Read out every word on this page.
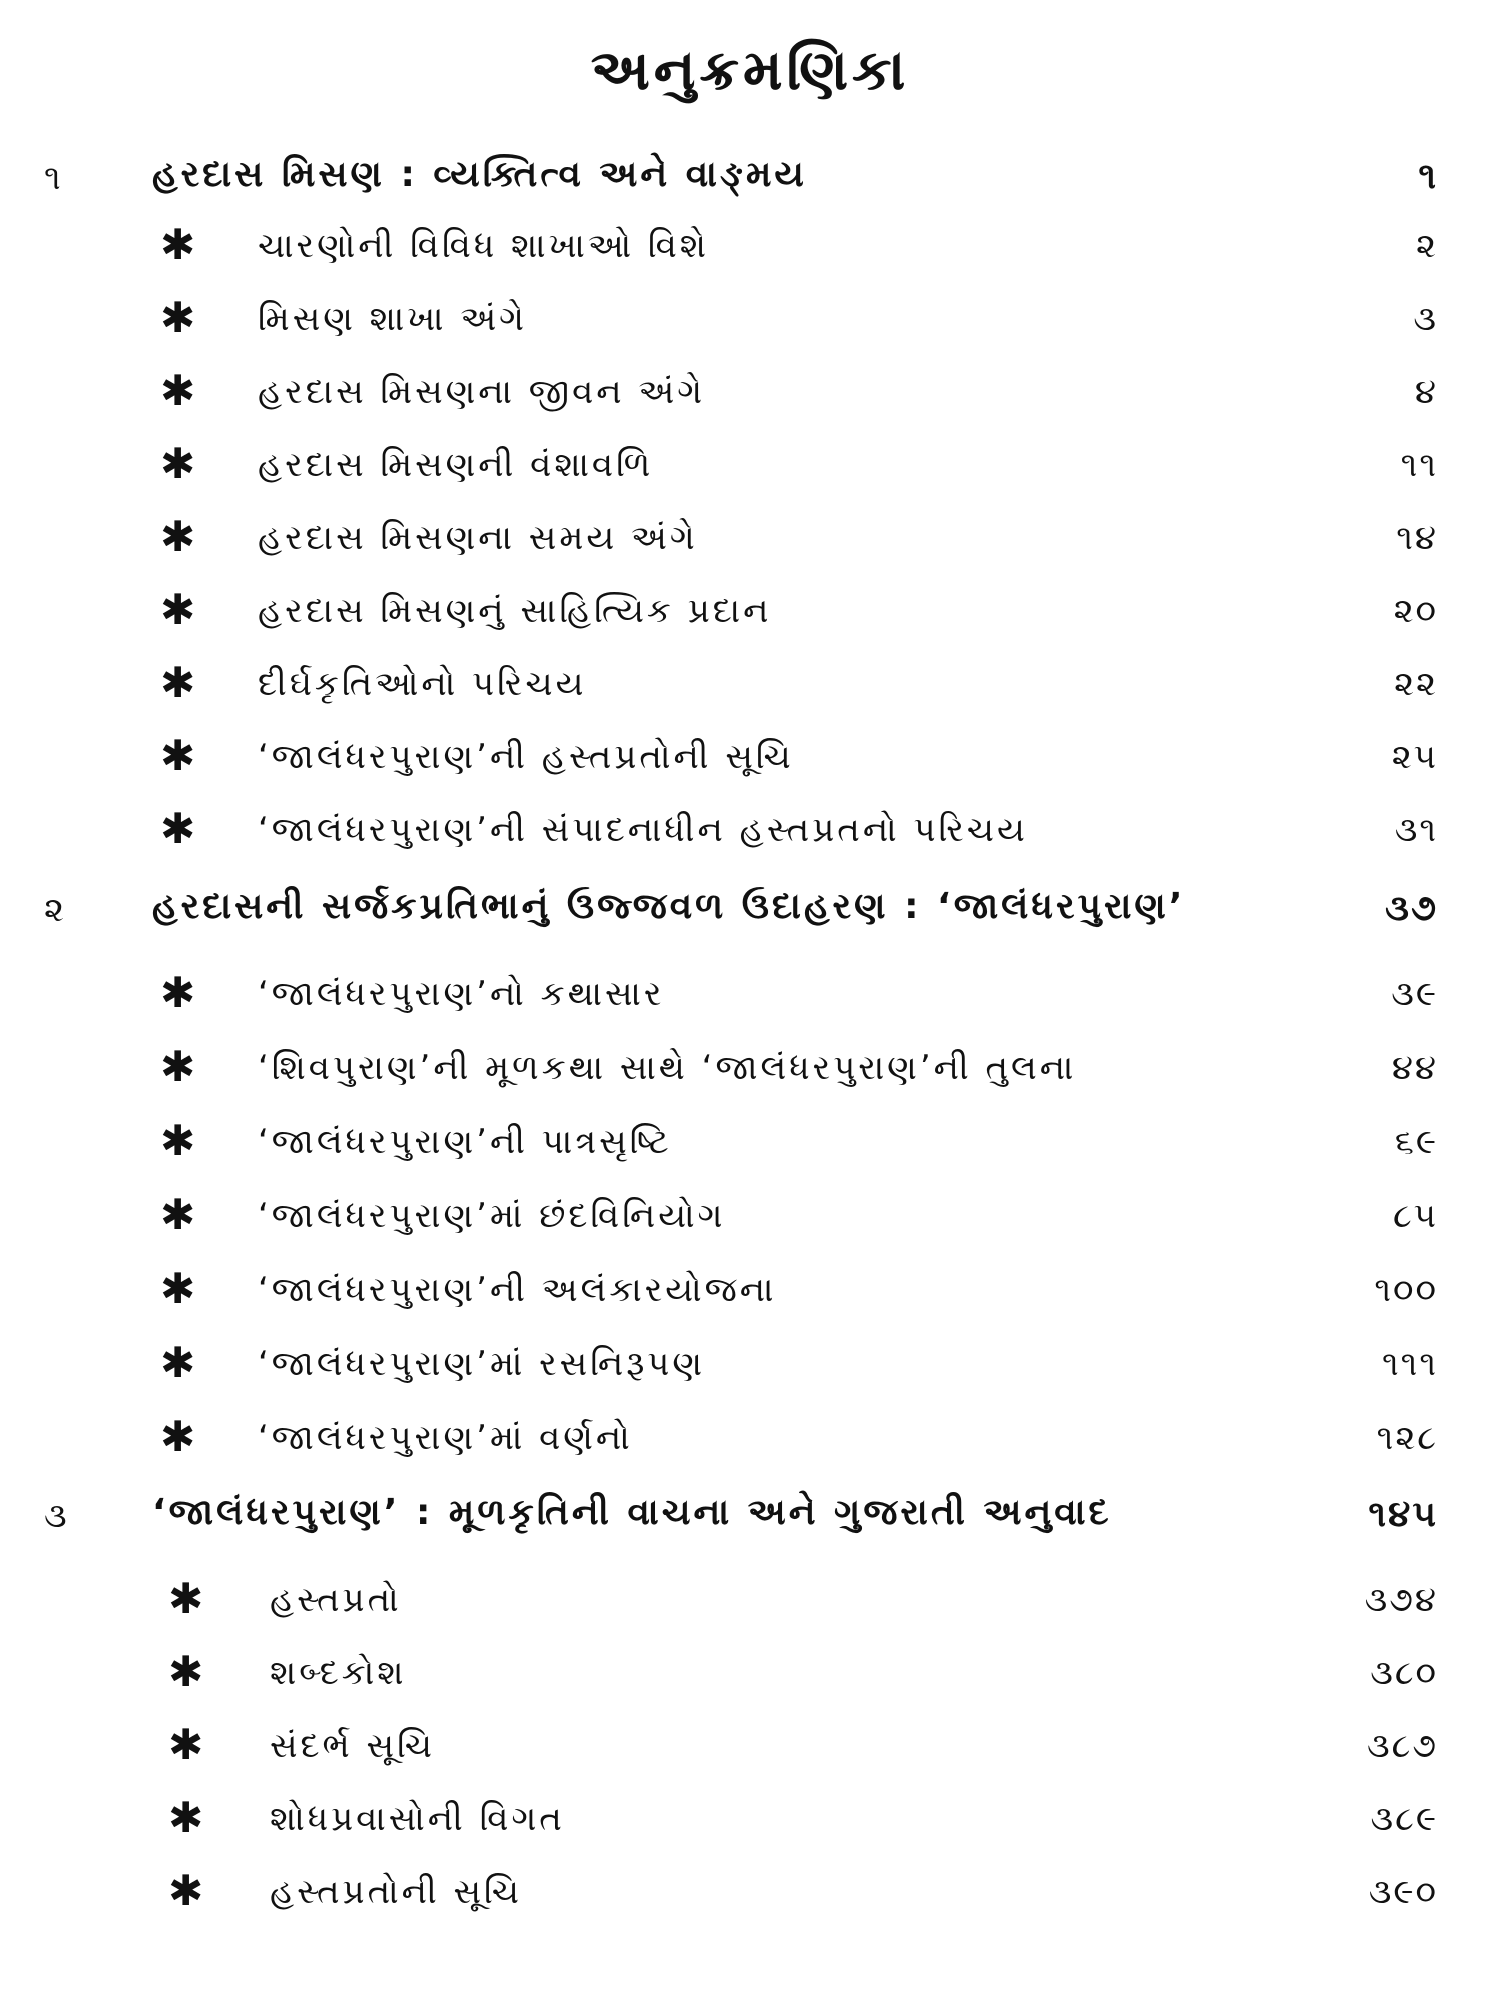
અનુક્રમણિકા
૧	હરદાસ મિસણ : વ્યક્તિત્વ અને વાઙ્મય	૧
✱ ચારણોની વિવિધ શાખાઓ વિશે	૨
✱ મિસણ શાખા અંગે	૩
✱ હરદાસ મિસણના જીવન અંગે	૪
✱ હરદાસ મિસણની વંશાવળિ	૧૧
✱ હરદાસ મિસણના સમય અંગે	૧૪
✱ હરદાસ મિસણનું સાહિત્યિક પ્રદાન	૨૦
✱ દીર્ઘકૃતિઓનો પરિચય	૨૨
✱ ‘જાલંધરપુરાણ’ની હસ્તપ્રતોની સૂચિ	૨૫
✱ ‘જાલંધરપુરાણ’ની સંપાદનાધીન હસ્તપ્રતનો પરિચય	૩૧
૨ હરદાસની સર્જકપ્રતિભાનું ઉજ્જવળ ઉદાહરણ : ‘જાલંધરપુરાણ’	૩૭
✱ ‘જાલંધરપુરાણ’નો કથાસાર	૩૯
✱ ‘શિવપુરાણ’ની મૂળકથા સાથે ‘જાલંધરપુરાણ’ની તુલના	૪૪
✱ ‘જાલંધરપુરાણ’ની પાત્રસૃષ્ટિ	૬૯
✱ ‘જાલંધરપુરાણ’માં છંદવિનિયોગ	૮૫
✱ ‘જાલંધરપુરાણ’ની અલંકારયોજના	૧૦૦
✱ ‘જાલંધરપુરાણ’માં રસનિરૂપણ	૧૧૧
✱ ‘જાલંધરપુરાણ’માં વર્ણનો	૧૨૮
૩ ‘જાલંધરપુરાણ’ : મૂળકૃતિની વાચના અને ગુજરાતી અનુવાદ	૧૪૫
✱ હસ્તપ્રતો	૩૭૪
✱ શબ્દકોશ	૩૮૦
✱ સંદર્ભ સૂચિ	૩૮૭
✱ શોધપ્રવાસોની વિગત	૩૮૯
✱ હસ્તપ્રતોની સૂચિ	૩૯૦
